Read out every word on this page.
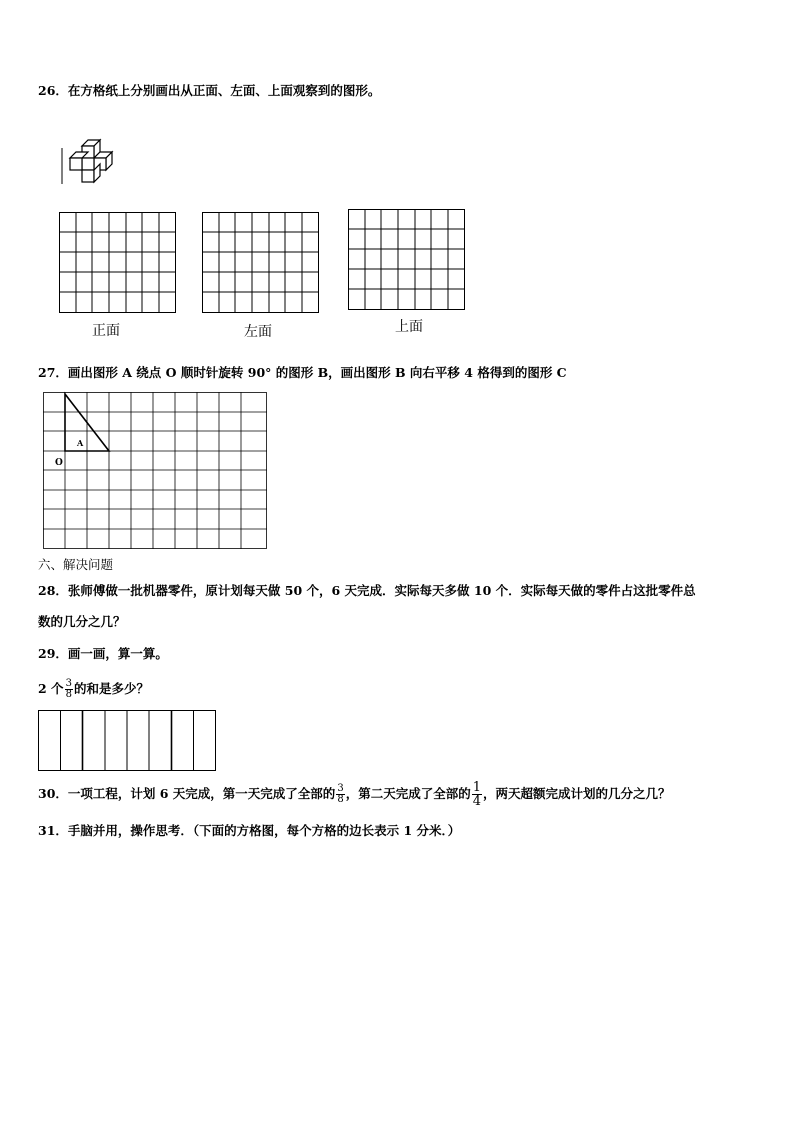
26．在方格纸上分别画出从正面、左面、上面观察到的图形。
正面	左面	上面
27．画出图形 A 绕点 O 顺时针旋转 90° 的图形 B，画出图形 B 向右平移 4 格得到的图形 C
A
O
六、解决问题
28．张师傅做一批机器零件，原计划每天做 50 个，6 天完成．实际每天多做 10 个．实际每天做的零件占这批零件总
数的几分之几？
29．画一画，算一算。
2 个 $\frac{3}{8}$ 的和是多少？
30．一项工程，计划 6 天完成，第一天完成了全部的 $\frac{3}{8}$ ，第二天完成了全部的 $\frac{1}{4}$ ，两天超额完成计划的几分之几？
31．手脑并用，操作思考．（下面的方格图，每个方格的边长表示 1 分米．）
